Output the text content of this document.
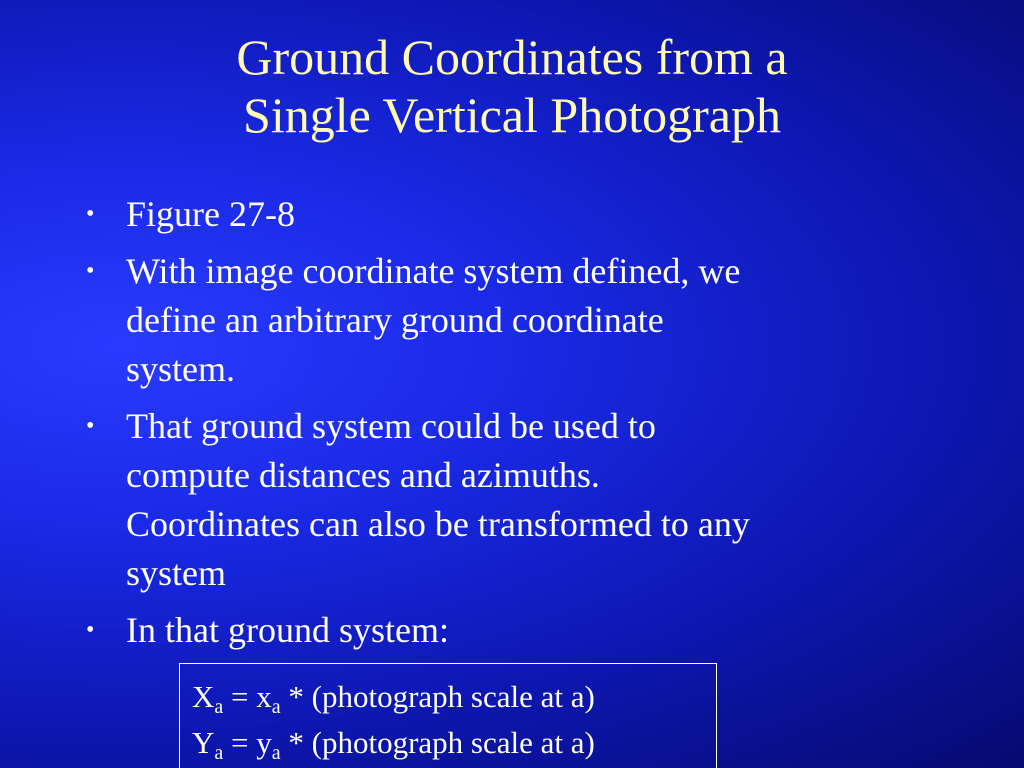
Ground Coordinates from a
Single Vertical Photograph
• Figure 27-8
• With image coordinate system defined, we
define an arbitrary ground coordinate
system.
• That ground system could be used to
compute distances and azimuths.
Coordinates can also be transformed to any
system
• In that ground system:
$X_a = x_a$ * (photograph scale at a)
$Y_a = y_a$ * (photograph scale at a)
